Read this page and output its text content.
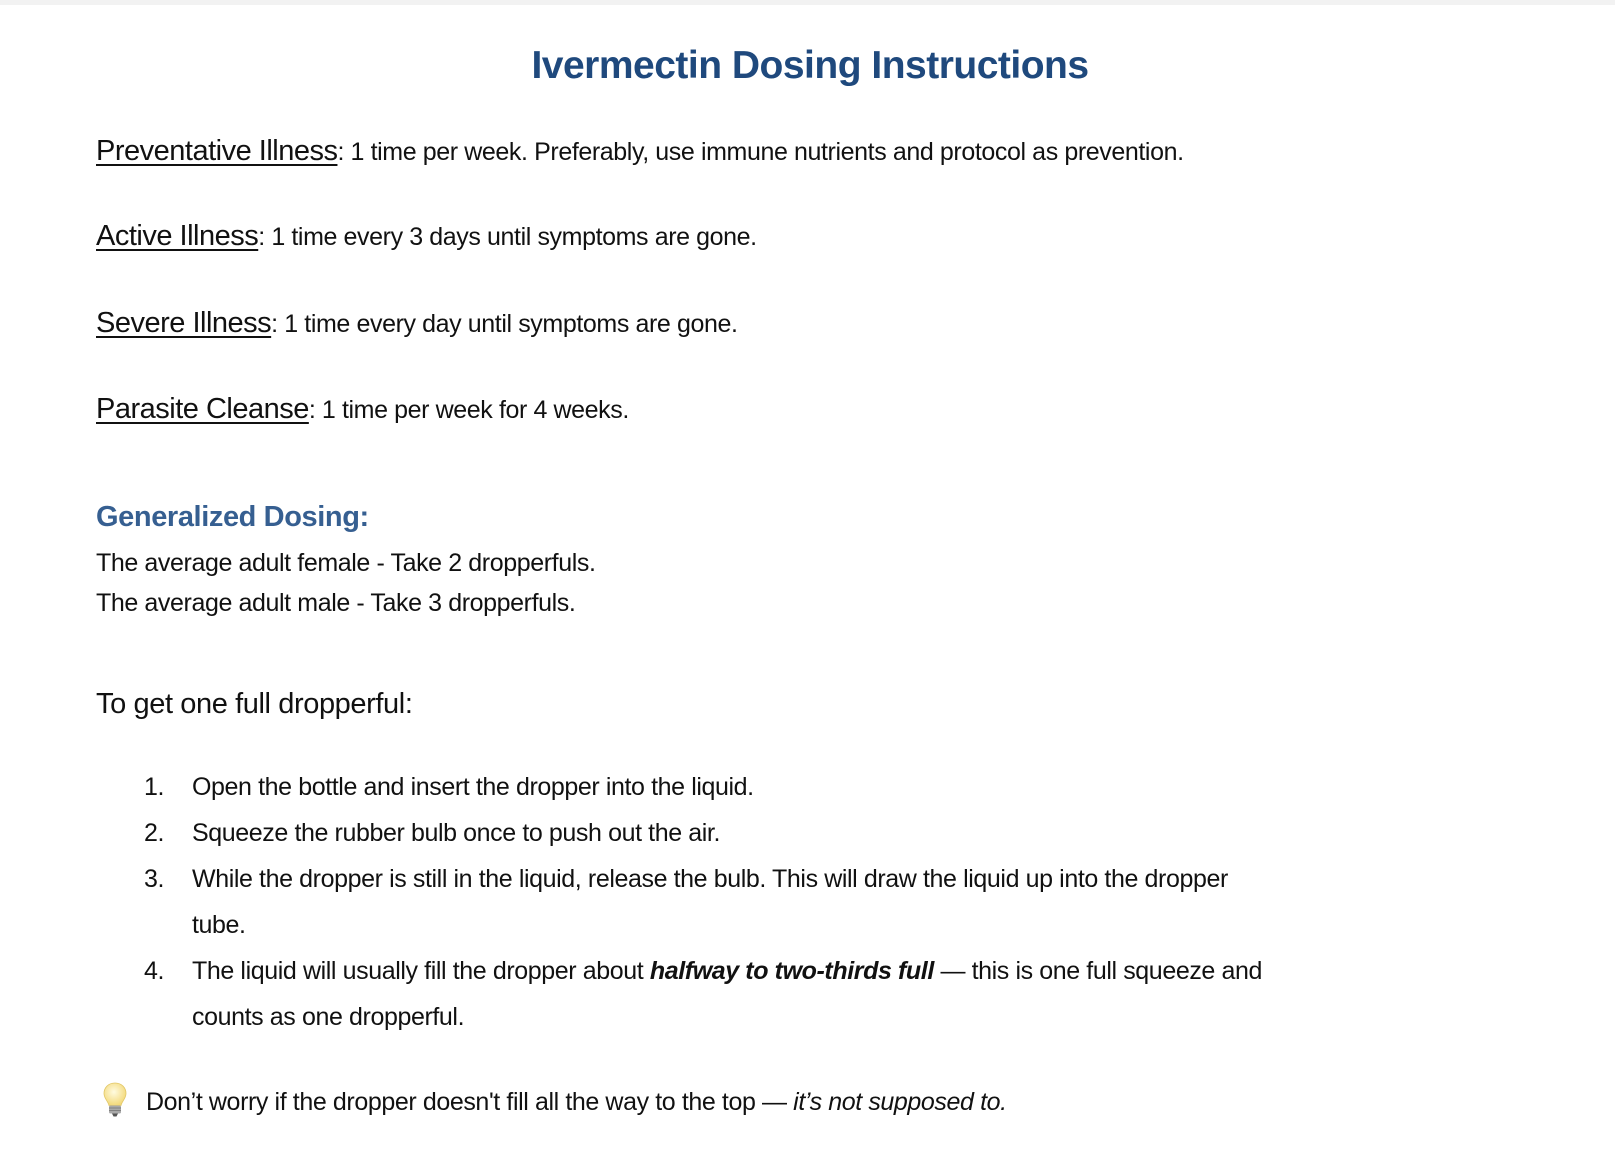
Ivermectin Dosing Instructions
Preventative Illness: 1 time per week. Preferably, use immune nutrients and protocol as prevention.
Active Illness: 1 time every 3 days until symptoms are gone.
Severe Illness: 1 time every day until symptoms are gone.
Parasite Cleanse: 1 time per week for 4 weeks.
Generalized Dosing:
The average adult female - Take 2 dropperfuls.
The average adult male - Take 3 dropperfuls.
To get one full dropperful:
1.	Open the bottle and insert the dropper into the liquid.
2.	Squeeze the rubber bulb once to push out the air.
3.	While the dropper is still in the liquid, release the bulb. This will draw the liquid up into the dropper
tube.
4.	The liquid will usually fill the dropper about halfway to two-thirds full — this is one full squeeze and
counts as one dropperful.
Don’t worry if the dropper doesn't fill all the way to the top — it’s not supposed to.
